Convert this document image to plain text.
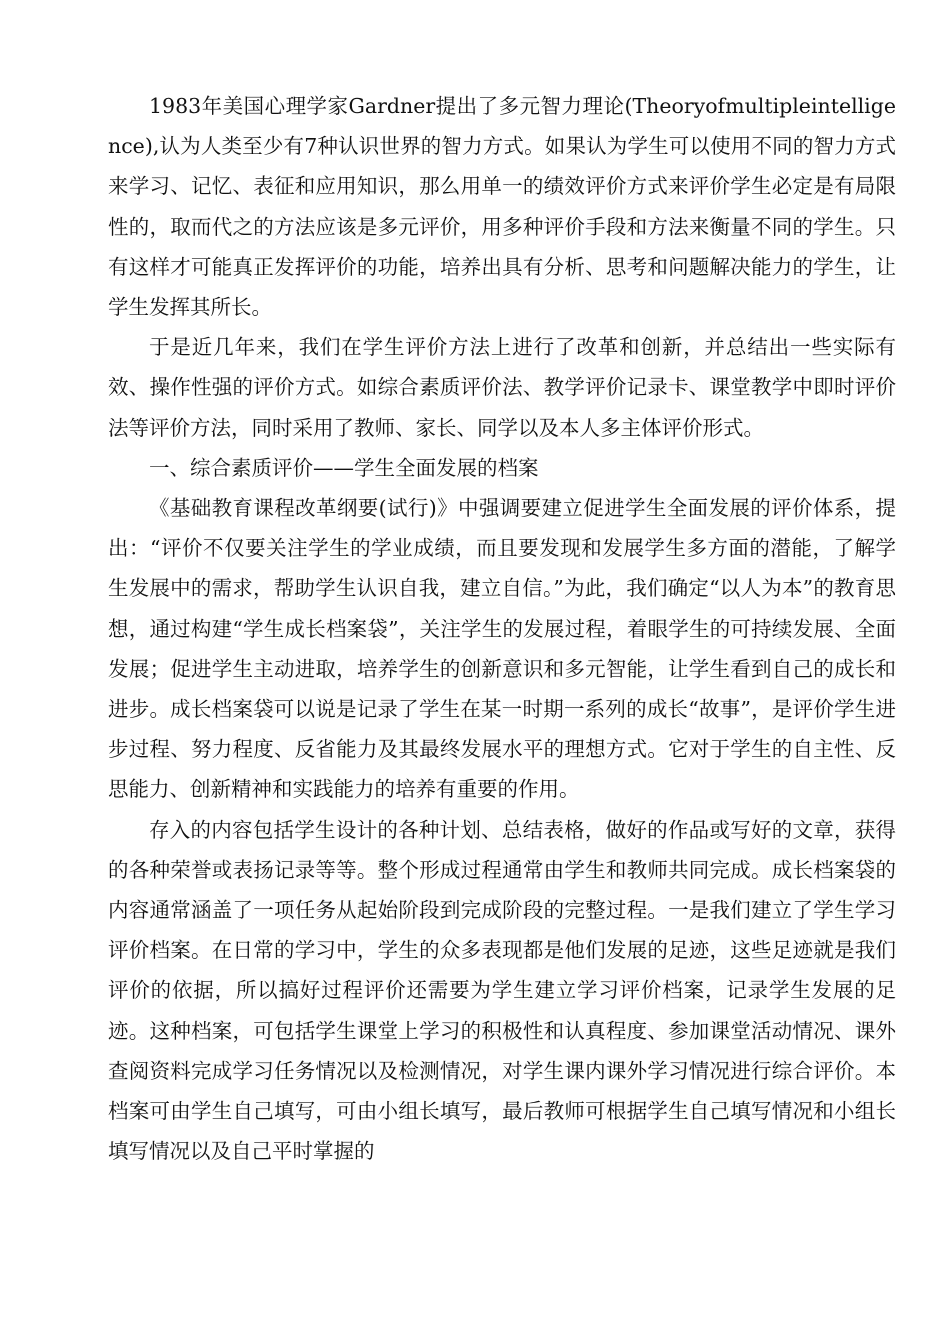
1983年美国心理学家Gardner提出了多元智力理论(Theoryofmultipleintelligence),认为人类至少有7种认识世界的智力方式。如果认为学生可以使用不同的智力方式来学习、记忆、表征和应用知识，那么用单一的绩效评价方式来评价学生必定是有局限性的，取而代之的方法应该是多元评价，用多种评价手段和方法来衡量不同的学生。只有这样才可能真正发挥评价的功能，培养出具有分析、思考和问题解决能力的学生，让学生发挥其所长。

于是近几年来，我们在学生评价方法上进行了改革和创新，并总结出一些实际有效、操作性强的评价方式。如综合素质评价法、教学评价记录卡、课堂教学中即时评价法等评价方法，同时采用了教师、家长、同学以及本人多主体评价形式。

一、综合素质评价——学生全面发展的档案

《基础教育课程改革纲要(试行)》中强调要建立促进学生全面发展的评价体系，提出：“评价不仅要关注学生的学业成绩，而且要发现和发展学生多方面的潜能，了解学生发展中的需求，帮助学生认识自我，建立自信。”为此，我们确定“以人为本”的教育思想，通过构建“学生成长档案袋”，关注学生的发展过程，着眼学生的可持续发展、全面发展；促进学生主动进取，培养学生的创新意识和多元智能，让学生看到自己的成长和进步。成长档案袋可以说是记录了学生在某一时期一系列的成长“故事”，是评价学生进步过程、努力程度、反省能力及其最终发展水平的理想方式。它对于学生的自主性、反思能力、创新精神和实践能力的培养有重要的作用。

存入的内容包括学生设计的各种计划、总结表格，做好的作品或写好的文章，获得的各种荣誉或表扬记录等等。整个形成过程通常由学生和教师共同完成。成长档案袋的内容通常涵盖了一项任务从起始阶段到完成阶段的完整过程。一是我们建立了学生学习评价档案。在日常的学习中，学生的众多表现都是他们发展的足迹，这些足迹就是我们评价的依据，所以搞好过程评价还需要为学生建立学习评价档案，记录学生发展的足迹。这种档案，可包括学生课堂上学习的积极性和认真程度、参加课堂活动情况、课外查阅资料完成学习任务情况以及检测情况，对学生课内课外学习情况进行综合评价。本档案可由学生自己填写，可由小组长填写，最后教师可根据学生自己填写情况和小组长填写情况以及自己平时掌握的
